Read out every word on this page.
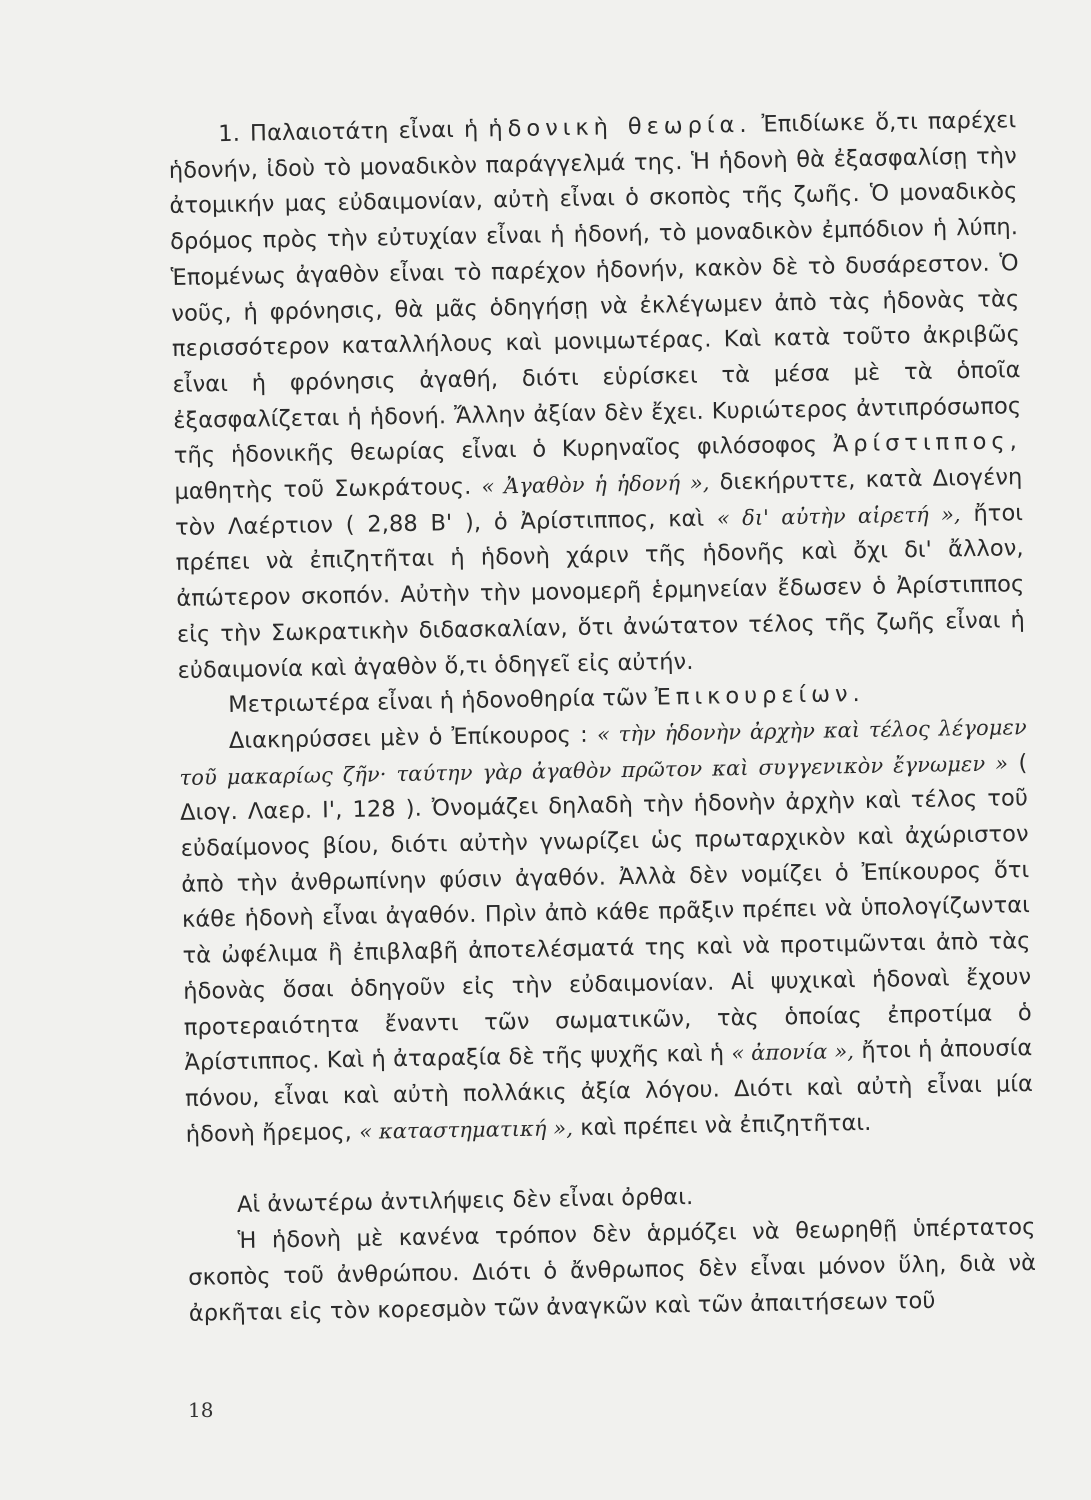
1. Παλαιοτάτη εἶναι ἡ ἡδονικὴ θεωρία. Ἐπιδίωκε ὅ,τι παρέχει ἡδονήν, ἰδοὺ τὸ μοναδικὸν παράγγελμά της. Ἡ ἡδονὴ θὰ ἐξασφαλίσῃ τὴν ἀτομικήν μας εὐδαιμονίαν, αὐτὴ εἶναι ὁ σκοπὸς τῆς ζωῆς. Ὁ μοναδικὸς δρόμος πρὸς τὴν εὐτυχίαν εἶναι ἡ ἡδονή, τὸ μοναδικὸν ἐμπόδιον ἡ λύπη. Ἑπομένως ἀγαθὸν εἶναι τὸ παρέχον ἡδονήν, κακὸν δὲ τὸ δυσάρεστον. Ὁ νοῦς, ἡ φρόνησις, θὰ μᾶς ὁδηγήσῃ νὰ ἐκλέγωμεν ἀπὸ τὰς ἡδονὰς τὰς περισσότερον καταλλήλους καὶ μονιμωτέρας. Καὶ κατὰ τοῦτο ἀκριβῶς εἶναι ἡ φρόνησις ἀγαθή, διότι εὑρίσκει τὰ μέσα μὲ τὰ ὁποῖα ἐξασφαλίζεται ἡ ἡδονή. Ἄλλην ἀξίαν δὲν ἔχει. Κυριώτερος ἀντιπρόσωπος τῆς ἡδονικῆς θεωρίας εἶναι ὁ Κυρηναῖος φιλόσοφος Ἀρίστιππος, μαθητὴς τοῦ Σωκράτους. « Ἀγαθὸν ἡ ἡδονή », διεκήρυττε, κατὰ Διογένη τὸν Λαέρτιον ( 2,88 Β' ), ὁ Ἀρίστιππος, καὶ « δι' αὐτὴν αἱρετή », ἤτοι πρέπει νὰ ἐπιζητῆται ἡ ἡδονὴ χάριν τῆς ἡδονῆς καὶ ὄχι δι' ἄλλον, ἀπώτερον σκοπόν. Αὐτὴν τὴν μονομερῆ ἑρμηνείαν ἔδωσεν ὁ Ἀρίστιππος εἰς τὴν Σωκρατικὴν διδασκαλίαν, ὅτι ἀνώτατον τέλος τῆς ζωῆς εἶναι ἡ εὐδαιμονία καὶ ἀγαθὸν ὅ,τι ὁδηγεῖ εἰς αὐτήν.

Μετριωτέρα εἶναι ἡ ἡδονοθηρία τῶν Ἐπικουρείων.

Διακηρύσσει μὲν ὁ Ἐπίκουρος : « τὴν ἡδονὴν ἀρχὴν καὶ τέλος λέγομεν τοῦ μακαρίως ζῆν· ταύτην γὰρ ἀγαθὸν πρῶτον καὶ συγγενικὸν ἔγνωμεν » ( Διογ. Λαερ. Ι', 128 ). Ὀνομάζει δηλαδὴ τὴν ἡδονὴν ἀρχὴν καὶ τέλος τοῦ εὐδαίμονος βίου, διότι αὐτὴν γνωρίζει ὡς πρωταρχικὸν καὶ ἀχώριστον ἀπὸ τὴν ἀνθρωπίνην φύσιν ἀγαθόν. Ἀλλὰ δὲν νομίζει ὁ Ἐπίκουρος ὅτι κάθε ἡδονὴ εἶναι ἀγαθόν. Πρὶν ἀπὸ κάθε πρᾶξιν πρέπει νὰ ὑπολογίζωνται τὰ ὠφέλιμα ἢ ἐπιβλαβῆ ἀποτελέσματά της καὶ νὰ προτιμῶνται ἀπὸ τὰς ἡδονὰς ὅσαι ὁδηγοῦν εἰς τὴν εὐδαιμονίαν. Αἱ ψυχικαὶ ἡδοναὶ ἔχουν προτεραιότητα ἔναντι τῶν σωματικῶν, τὰς ὁποίας ἐπροτίμα ὁ Ἀρίστιππος. Καὶ ἡ ἀταραξία δὲ τῆς ψυχῆς καὶ ἡ « ἀπονία », ἤτοι ἡ ἀπουσία πόνου, εἶναι καὶ αὐτὴ πολλάκις ἀξία λόγου. Διότι καὶ αὐτὴ εἶναι μία ἡδονὴ ἤρεμος, « καταστηματική », καὶ πρέπει νὰ ἐπιζητῆται.

Αἱ ἀνωτέρω ἀντιλήψεις δὲν εἶναι ὀρθαι.

Ἡ ἡδονὴ μὲ κανένα τρόπον δὲν ἁρμόζει νὰ θεωρηθῇ ὑπέρτατος σκοπὸς τοῦ ἀνθρώπου. Διότι ὁ ἄνθρωπος δὲν εἶναι μόνον ὕλη, διὰ νὰ ἀρκῆται εἰς τὸν κορεσμὸν τῶν ἀναγκῶν καὶ τῶν ἀπαιτήσεων τοῦ

18
